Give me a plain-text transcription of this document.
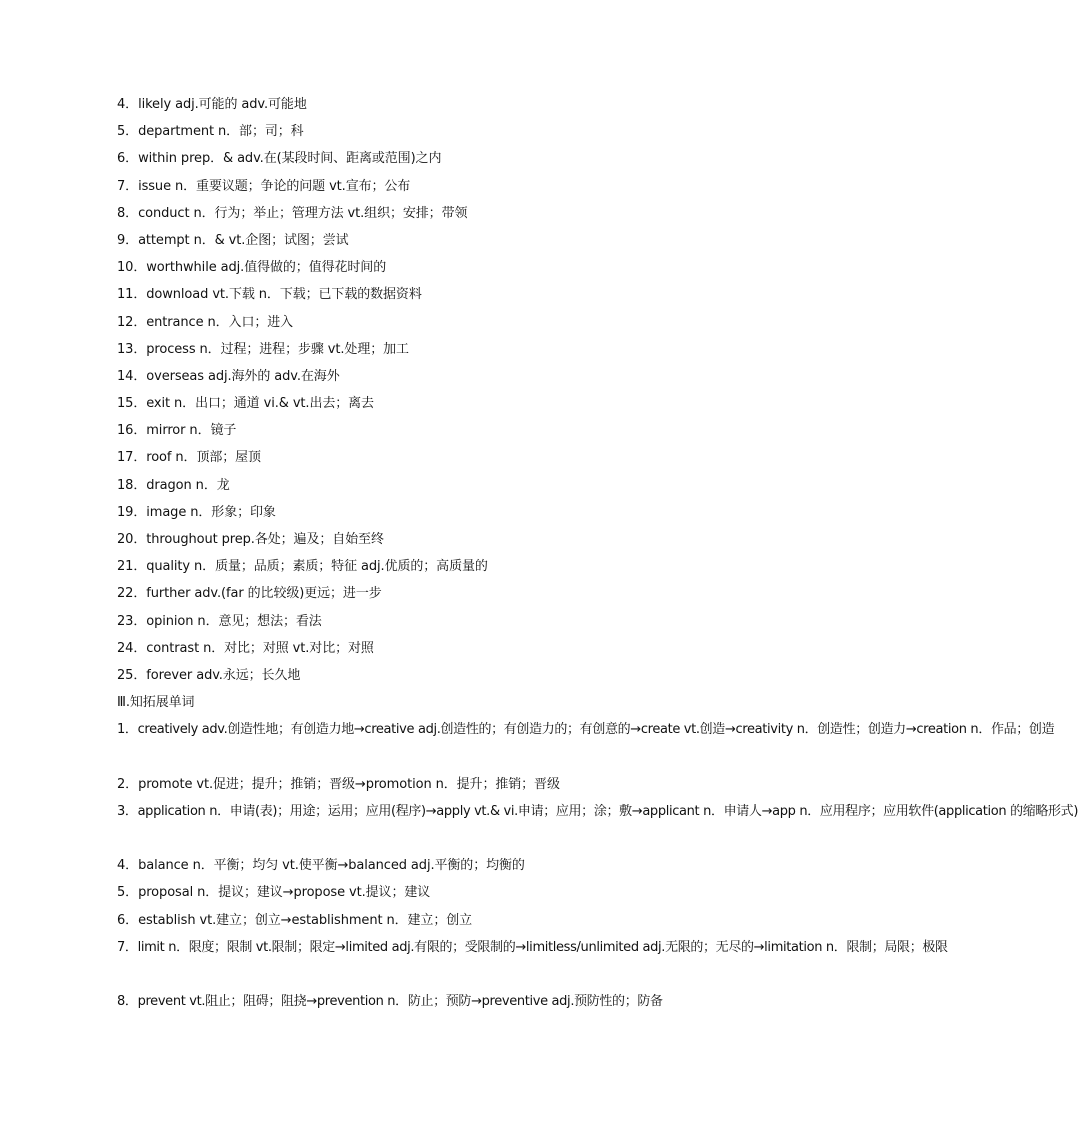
4．likely adj.可能的 adv.可能地
5．department n．部；司；科
6．within prep．& adv.在(某段时间、距离或范围)之内
7．issue n．重要议题；争论的问题 vt.宣布；公布
8．conduct n．行为；举止；管理方法 vt.组织；安排；带领
9．attempt n．& vt.企图；试图；尝试
10．worthwhile adj.值得做的；值得花时间的
11．download vt.下载 n．下载；已下载的数据资料
12．entrance n．入口；进入
13．process n．过程；进程；步骤 vt.处理；加工
14．overseas adj.海外的 adv.在海外
15．exit n．出口；通道 vi.& vt.出去；离去
16．mirror n．镜子
17．roof n．顶部；屋顶
18．dragon n．龙
19．image n．形象；印象
20．throughout prep.各处；遍及；自始至终
21．quality n．质量；品质；素质；特征 adj.优质的；高质量的
22．further adv.(far 的比较级)更远；进一步
23．opinion n．意见；想法；看法
24．contrast n．对比；对照 vt.对比；对照
25．forever adv.永远；长久地
Ⅲ.知拓展单词
1．creatively adv.创造性地；有创造力地→creative adj.创造性的；有创造力的；有创意的→create vt.创造→creativity n．创造性；创造力→creation n．作品；创造
2．promote vt.促进；提升；推销；晋级→promotion n．提升；推销；晋级
3．application n．申请(表)；用途；运用；应用(程序)→apply vt.& vi.申请；应用；涂；敷→applicant n．申请人→app n．应用程序；应用软件(application 的缩略形式)
4．balance n．平衡；均匀 vt.使平衡→balanced adj.平衡的；均衡的
5．proposal n．提议；建议→propose vt.提议；建议
6．establish vt.建立；创立→establishment n．建立；创立
7．limit n．限度；限制 vt.限制；限定→limited adj.有限的；受限制的→limitless/unlimited adj.无限的；无尽的→limitation n．限制；局限；极限
8．prevent vt.阻止；阻碍；阻挠→prevention n．防止；预防→preventive adj.预防性的；防备
